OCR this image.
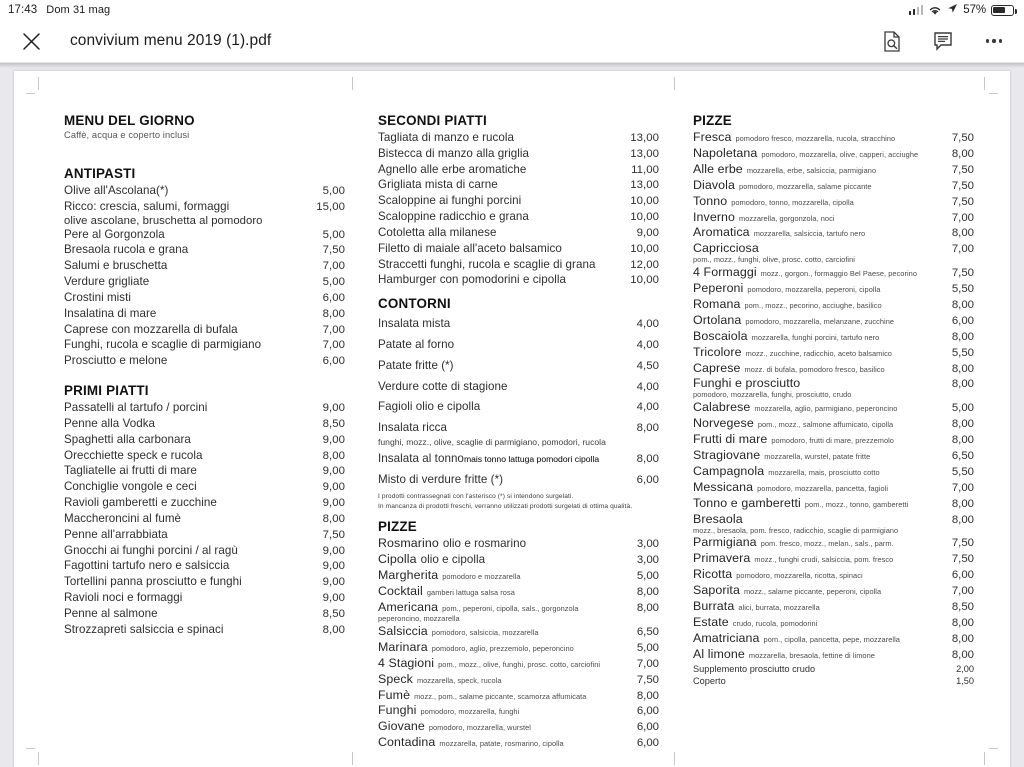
17:43 Dom 31 mag	57%
convivium menu 2019 (1).pdf
MENU DEL GIORNO
Caffè, acqua e coperto inclusi
ANTIPASTI
Olive all'Ascolana(*)	5,00
Ricco: crescia, salumi, formaggi	15,00
olive ascolane, bruschetta al pomodoro
Pere al Gorgonzola	5,00
Bresaola rucola e grana	7,50
Salumi e bruschetta	7,00
Verdure grigliate	5,00
Crostini misti	6,00
Insalatina di mare	8,00
Caprese con mozzarella di bufala	7,00
Funghi, rucola e scaglie di parmigiano	7,00
Prosciutto e melone	6,00
PRIMI PIATTI
Passatelli al tartufo / porcini	9,00
Penne alla Vodka	8,50
Spaghetti alla carbonara	9,00
Orecchiette speck e rucola	8,00
Tagliatelle ai frutti di mare	9,00
Conchiglie vongole e ceci	9,00
Ravioli gamberetti e zucchine	9,00
Maccheroncini al fumè	8,00
Penne all'arrabbiata	7,50
Gnocchi ai funghi porcini / al ragù	9,00
Fagottini tartufo nero e salsiccia	9,00
Tortellini panna prosciutto e funghi	9,00
Ravioli noci e formaggi	9,00
Penne al salmone	8,50
Strozzapreti salsiccia e spinaci	8,00
SECONDI PIATTI
Tagliata di manzo e rucola	13,00
Bistecca di manzo alla griglia	13,00
Agnello alle erbe aromatiche	11,00
Grigliata mista di carne	13,00
Scaloppine ai funghi porcini	10,00
Scaloppine radicchio e grana	10,00
Cotoletta alla milanese	9,00
Filetto di maiale all'aceto balsamico	10,00
Straccetti funghi, rucola e scaglie di grana	12,00
Hamburger con pomodorini e cipolla	10,00
CONTORNI
Insalata mista	4,00
Patate al forno	4,00
Patate fritte (*)	4,50
Verdure cotte di stagione	4,00
Fagioli olio e cipolla	4,00
Insalata ricca	8,00
funghi, mozz., olive, scaglie di parmigiano, pomodori, rucola
Insalata al tonnomais tonno lattuga pomodori cipolla	8,00
Misto di verdure fritte (*)	6,00
I prodotti contrassegnati con l'asterisco (*) si intendono surgelati.
In mancanza di prodotti freschi, verranno utilizzati prodotti surgelati di ottima qualità.
PIZZE
Rosmarino olio e rosmarino	3,00
Cipolla olio e cipolla	3,00
Margherita pomodoro e mozzarella	5,00
Cocktail gamberi lattuga salsa rosa	8,00
Americana pom., peperoni, cipolla, sals., gorgonzola	8,00
peperoncino, mozzarella
Salsiccia pomodoro, salsiccia, mozzarella	6,50
Marinara pomodoro, aglio, prezzemolo, peperoncino	5,00
4 Stagioni pom., mozz., olive, funghi, prosc. cotto, carciofini	7,00
Speck mozzarella, speck, rucola	7,50
Fumè mozz., pom., salame piccante, scamorza affumicata	8,00
Funghi pomodoro, mozzarella, funghi	6,00
Giovane pomodoro, mozzarella, wurstel	6,00
Contadina mozzarella, patate, rosmarino, cipolla	6,00
PIZZE
Fresca pomodoro fresco, mozzarella, rucola, stracchino	7,50
Napoletana pomodoro, mozzarella, olive, capperi, acciughe	8,00
Alle erbe mozzarella, erbe, salsiccia, parmigiano	7,50
Diavola pomodoro, mozzarella, salame piccante	7,50
Tonno pomodoro, tonno, mozzarella, cipolla	7,50
Inverno mozzarella, gorgonzola, noci	7,00
Aromatica mozzarella, salsiccia, tartufo nero	8,00
Capricciosa	7,00
pom., mozz., funghi, olive, prosc. cotto, carciofini
4 Formaggi mozz., gorgon., formaggio Bel Paese, pecorino	7,50
Peperoni pomodoro, mozzarella, peperoni, cipolla	5,50
Romana pom., mozz., pecorino, acciughe, basilico	8,00
Ortolana pomodoro, mozzarella, melanzane, zucchine	6,00
Boscaiola mozzarella, funghi porcini, tartufo nero	8,00
Tricolore mozz., zucchine, radicchio, aceto balsamico	5,50
Caprese mozz. di bufala, pomodoro fresco, basilico	8,00
Funghi e prosciutto	8,00
pomodoro, mozzarella, funghi, prosciutto, crudo
Calabrese mozzarella, aglio, parmigiano, peperoncino	5,00
Norvegese pom., mozz., salmone affumicato, cipolla	8,00
Frutti di mare pomodoro, frutti di mare, prezzemolo	8,00
Stragiovane mozzarella, wurstel, patate fritte	6,50
Campagnola mozzarella, mais, prosciutto cotto	5,50
Messicana pomodoro, mozzarella, pancetta, fagioli	7,00
Tonno e gamberetti pom., mozz., tonno, gamberetti	8,00
Bresaola	8,00
mozz., bresaola, pom. fresco, radicchio, scaglie di parmigiano
Parmigiana pom. fresco, mozz., melan., sals., parm.	7,50
Primavera mozz., funghi crudi, salsiccia, pom. fresco	7,50
Ricotta pomodoro, mozzarella, ricotta, spinaci	6,00
Saporita mozz., salame piccante, peperoni, cipolla	7,00
Burrata alici, burrata, mozzarella	8,50
Estate crudo, rucola, pomodorini	8,00
Amatriciana pom., cipolla, pancetta, pepe, mozzarella	8,00
Al limone mozzarella, bresaola, fettine di limone	8,00
Supplemento prosciutto crudo	2,00
Coperto	1,50
